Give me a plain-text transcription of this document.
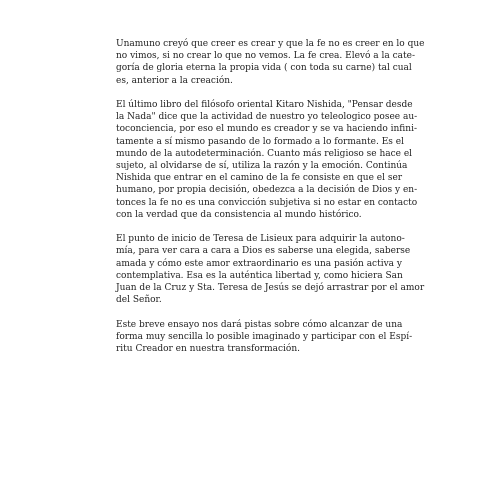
Unamuno creyó que creer es crear y que la fe no es creer en lo que
no vimos, si no crear lo que no vemos. La fe crea. Elevó a la cate-
goría de gloria eterna la propia vida ( con toda su carne) tal cual
es, anterior a la creación.

El último libro del filósofo oriental Kitaro Nishida, "Pensar desde
la Nada" dice que la actividad de nuestro yo teleologico posee au-
toconciencia, por eso el mundo es creador y se va haciendo infini-
tamente a sí mismo pasando de lo formado a lo formante. Es el
mundo de la autodeterminación. Cuanto más religioso se hace el
sujeto, al olvidarse de sí, utiliza la razón y la emoción. Continúa
Nishida que entrar en el camino de la fe consiste en que el ser
humano, por propia decisión, obedezca a la decisión de Dios y en-
tonces la fe no es una convicción subjetiva si no estar en contacto
con la verdad que da consistencia al mundo histórico.

El punto de inicio de Teresa de Lisieux para adquirir la autono-
mía, para ver cara a cara a Dios es saberse una elegida, saberse
amada y cómo este amor extraordinario es una pasión activa y
contemplativa. Esa es la auténtica libertad y, como hiciera San
Juan de la Cruz y Sta. Teresa de Jesús se dejó arrastrar por el amor
del Señor.

Este breve ensayo nos dará pistas sobre cómo alcanzar de una
forma muy sencilla lo posible imaginado y participar con el Espí-
ritu Creador en nuestra transformación.
